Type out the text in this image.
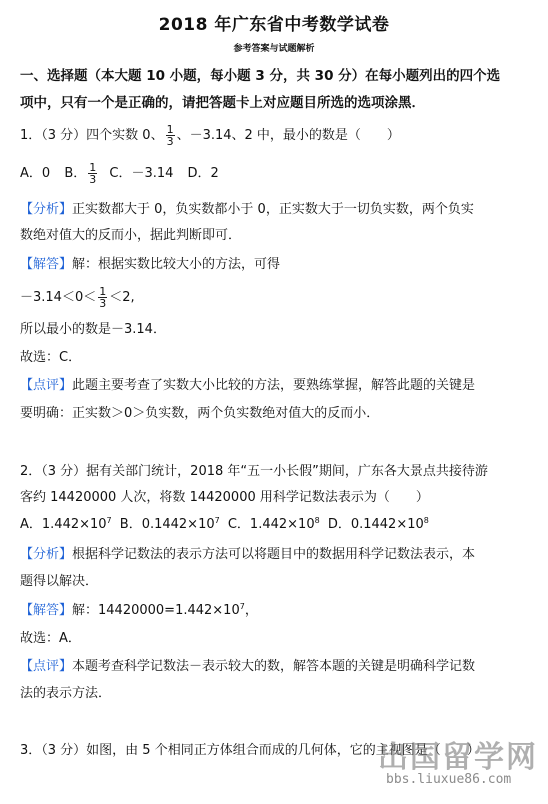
2018 年广东省中考数学试卷
参考答案与试题解析
一、选择题（本大题 10 小题，每小题 3 分，共 30 分）在每小题列出的四个选
项中，只有一个是正确的，请把答题卡上对应题目所选的选项涂黑．
1．（3 分）四个实数 0、 $\frac{1}{3}$ 、－3.14、2 中，最小的数是（　　）
A．0 B． $\frac{1}{3}$ C．－3.14 D．2
【分析】正实数都大于 0，负实数都小于 0，正实数大于一切负实数，两个负实
数绝对值大的反而小，据此判断即可．
【解答】解：根据实数比较大小的方法，可得
$-3.14<0< \frac{1}{3} <2$,
所以最小的数是－3.14．
故选：C．
【点评】此题主要考查了实数大小比较的方法，要熟练掌握，解答此题的关键是
要明确：正实数＞0＞负实数，两个负实数绝对值大的反而小．
2．（3 分）据有关部门统计，2018 年“五一小长假”期间，广东各大景点共接待游
客约 14420000 人次，将数 14420000 用科学记数法表示为（　　）
A．$1.442\times 10^7$ B．$0.1442\times 10^7$ C．$1.442\times 10^8$ D．$0.1442\times 10^8$
【分析】根据科学记数法的表示方法可以将题目中的数据用科学记数法表示，本
题得以解决．
【解答】解：$14420000=1.442\times 10^7$，
故选：A．
【点评】本题考查科学记数法－表示较大的数，解答本题的关键是明确科学记数
法的表示方法．
3．（3 分）如图，由 5 个相同正方体组合而成的几何体，它的主视图是（　　）
出国留学网
bbs.liuxue86.com
